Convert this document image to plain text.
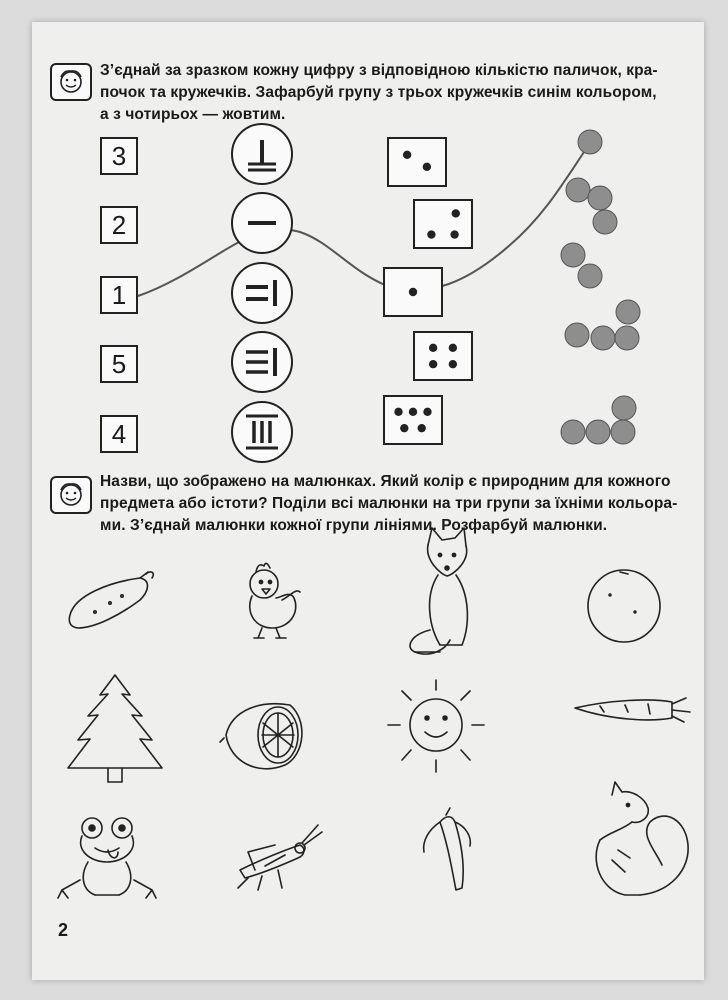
З’єднай за зразком кожну цифру з відповідною кількістю паличок, кра-
почок та кружечків. Зафарбуй групу з трьох кружечків синім кольором,
а з чотирьох — жовтим.
3
2
1
5
4
Назви, що зображено на малюнках. Який колір є природним для кожного
предмета або істоти? Поділи всі малюнки на три групи за їхніми кольора-
ми. З’єднай малюнки кожної групи лініями. Розфарбуй малюнки.
2
